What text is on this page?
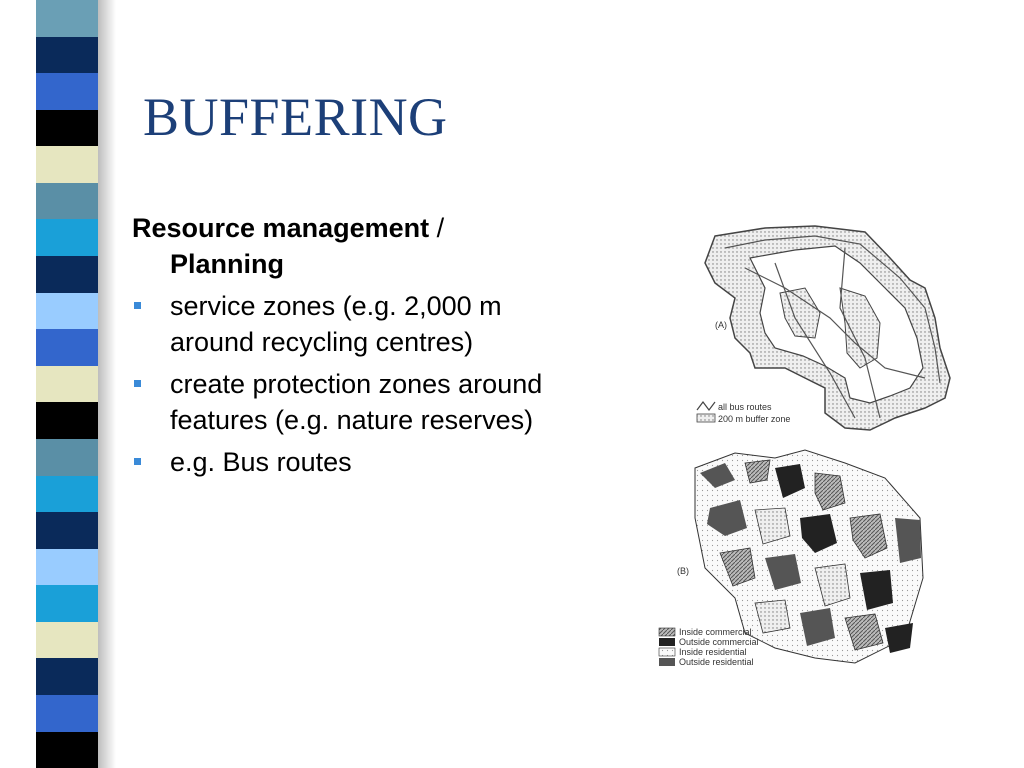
BUFFERING

Resource management /
Planning

service zones (e.g. 2,000 m around recycling centres)
create protection zones around features (e.g. nature reserves)
e.g. Bus routes
(A)
all bus routes
200 m buffer zone
(B)
Inside commercial
Outside commercial
Inside residential
Outside residential
